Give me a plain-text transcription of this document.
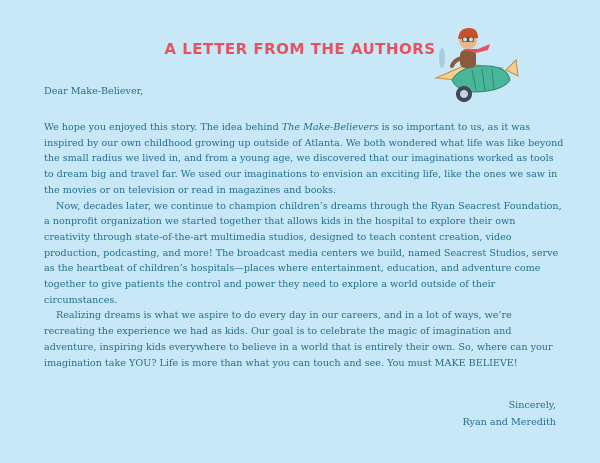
A LETTER FROM THE AUTHORS

Dear Make-Believer,

We hope you enjoyed this story. The idea behind The Make-Believers is so important to us, as it was inspired by our own childhood growing up outside of Atlanta. We both wondered what life was like beyond the small radius we lived in, and from a young age, we discovered that our imaginations worked as tools to dream big and travel far. We used our imaginations to envision an exciting life, like the ones we saw in the movies or on television or read in magazines and books.

Now, decades later, we continue to champion children’s dreams through the Ryan Seacrest Foundation, a nonprofit organization we started together that allows kids in the hospital to explore their own creativity through state-of-the-art multimedia studios, designed to teach content creation, video production, podcasting, and more! The broadcast media centers we build, named Seacrest Studios, serve as the heartbeat of children’s hospitals—places where entertainment, education, and adventure come together to give patients the control and power they need to explore a world outside of their circumstances.

Realizing dreams is what we aspire to do every day in our careers, and in a lot of ways, we’re recreating the experience we had as kids. Our goal is to celebrate the magic of imagination and adventure, inspiring kids everywhere to believe in a world that is entirely their own. So, where can your imagination take YOU? Life is more than what you can touch and see. You must MAKE BELIEVE!

Sincerely,
Ryan and Meredith
